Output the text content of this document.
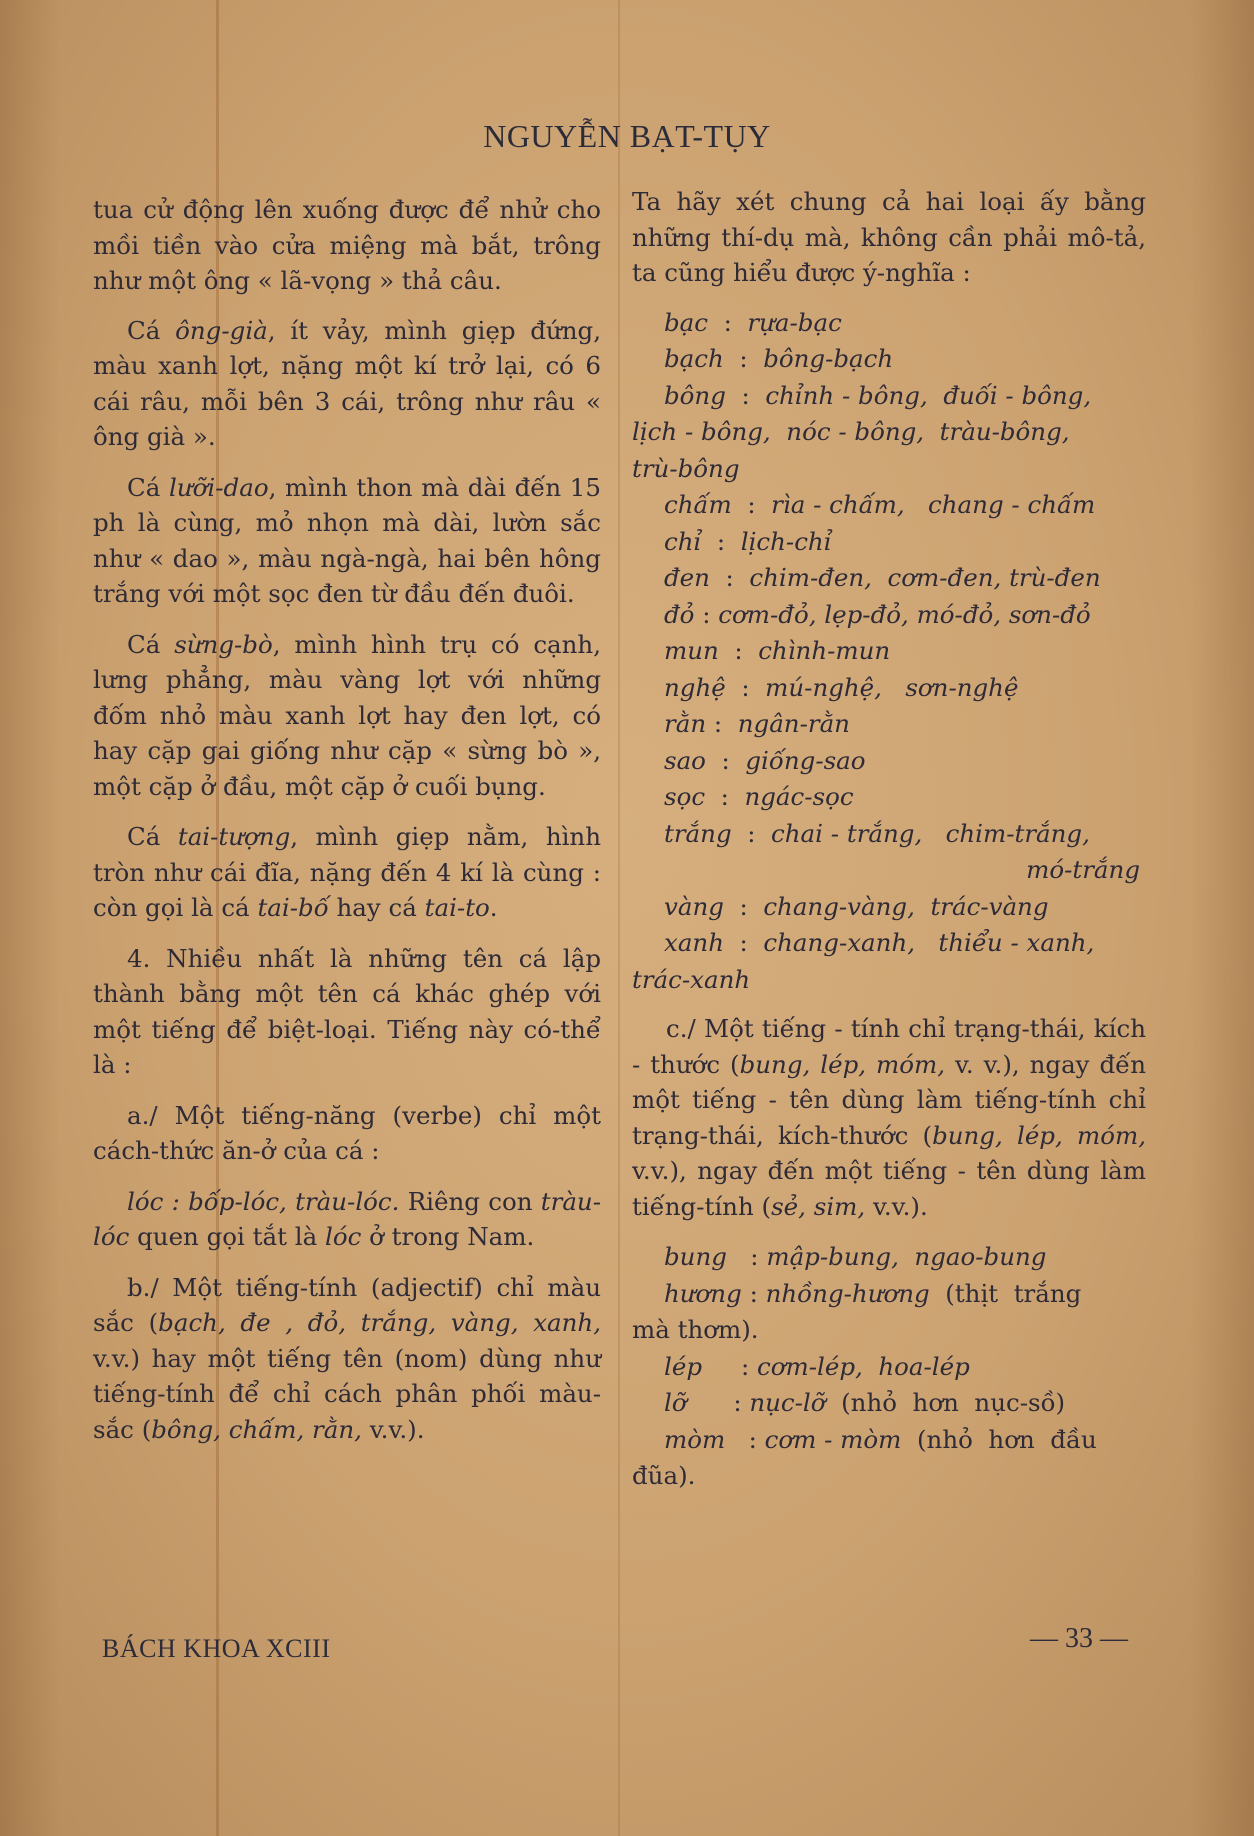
NGUYỄN BẠT-TỤY

tua cử động lên xuống được để nhử cho mồi tiền vào cửa miệng mà bắt, trông như một ông « lã-vọng » thả câu.

Cá ông-già, ít vảy, mình giẹp đứng, màu xanh lợt, nặng một kí trở lại, có 6 cái râu, mỗi bên 3 cái, trông như râu « ông già ».

Cá lưỡi-dao, mình thon mà dài đến 15 ph là cùng, mỏ nhọn mà dài, lườn sắc như « dao », màu ngà-ngà, hai bên hông trắng với một sọc đen từ đầu đến đuôi.

Cá sừng-bò, mình hình trụ có cạnh, lưng phẳng, màu vàng lợt với những đốm nhỏ màu xanh lợt hay đen lợt, có hay cặp gai giống như cặp « sừng bò », một cặp ở đầu, một cặp ở cuối bụng.

Cá tai-tượng, mình giẹp nằm, hình tròn như cái đĩa, nặng đến 4 kí là cùng : còn gọi là cá tai-bố hay cá tai-to.

4. Nhiều nhất là những tên cá lập thành bằng một tên cá khác ghép với một tiếng để biệt-loại. Tiếng này có-thể là :

a./ Một tiếng-năng (verbe) chỉ một cách-thức ăn-ở của cá :

lóc : bốp-lóc, tràu-lóc. Riêng con tràu-lóc quen gọi tắt là lóc ở trong Nam.

b./ Một tiếng-tính (adjectif) chỉ màu sắc (bạch, đe , đỏ, trắng, vàng, xanh, v.v.) hay một tiếng tên (nom) dùng như tiếng-tính để chỉ cách phân phối màu-sắc (bông, chấm, rằn, v.v.).

Ta hãy xét chung cả hai loại ấy bằng những thí-dụ mà, không cần phải mô-tả, ta cũng hiểu được ý-nghĩa :

bạc  :  rựa-bạc
bạch  :  bông-bạch
bông  :  chỉnh - bông,  đuối - bông,
lịch - bông,  nóc - bông,  tràu-bông,
trù-bông
chấm  :  rìa - chấm,   chang - chấm
chỉ  :  lịch-chỉ
đen  :  chim-đen,  cơm-đen, trù-đen
đỏ : cơm-đỏ, lẹp-đỏ, mó-đỏ, sơn-đỏ
mun  :  chình-mun
nghệ  :  mú-nghệ,   sơn-nghệ
rằn :  ngân-rằn
sao  :  giống-sao
sọc  :  ngác-sọc
trắng  :  chai - trắng,   chim-trắng,
mó-trắng
vàng  :  chang-vàng,  trác-vàng
xanh  :  chang-xanh,   thiểu - xanh,
trác-xanh

c./ Một tiếng - tính chỉ trạng-thái, kích - thước (bung, lép, móm, v. v.), ngay đến một tiếng - tên dùng làm tiếng-tính chỉ trạng-thái, kích-thước (bung, lép, móm, v.v.), ngay đến một tiếng - tên dùng làm tiếng-tính (sẻ, sim, v.v.).

bung   : mập-bung,  ngao-bung
hương : nhồng-hương  (thịt  trắng
mà thơm).
lép     : cơm-lép,  hoa-lép
lỡ      : nục-lỡ  (nhỏ  hơn  nục-sồ)
mòm   : cơm - mòm  (nhỏ  hơn  đầu
đũa).
BÁCH KHOA XCIII	— 33 —
